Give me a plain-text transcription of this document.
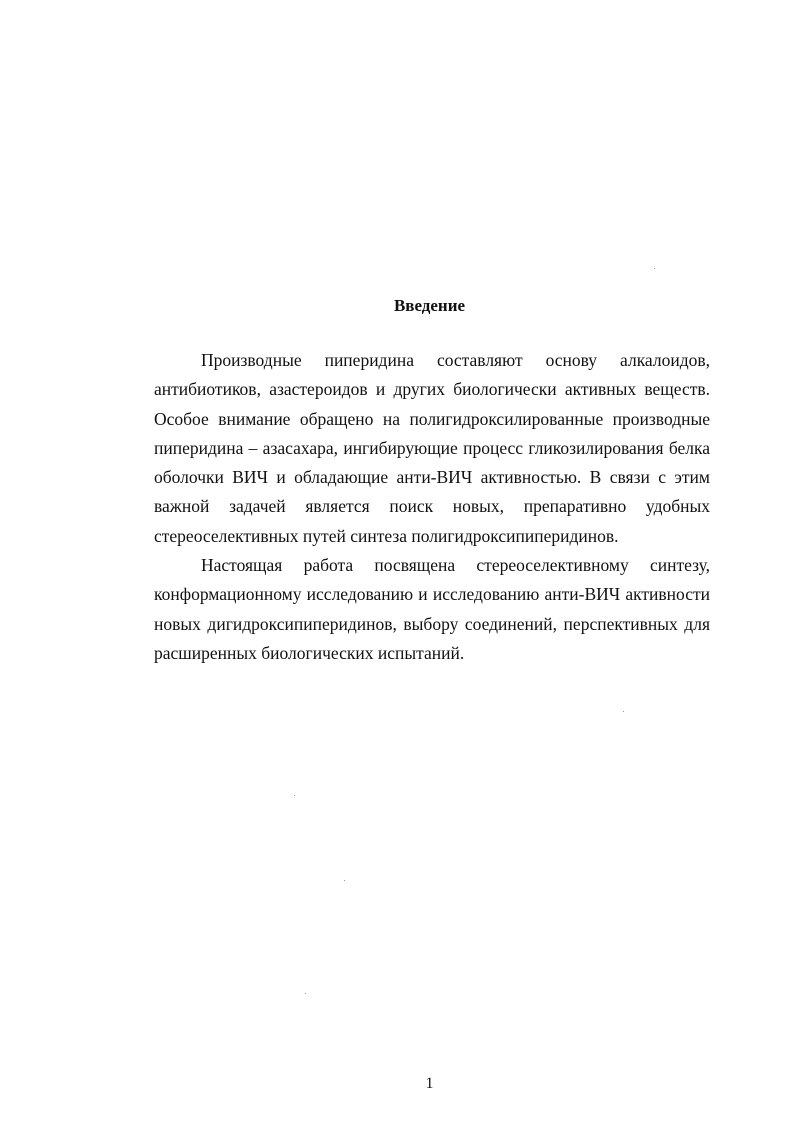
Введение

Производные пиперидина составляют основу алкалоидов, антибиотиков, азастероидов и других биологически активных веществ. Особое внимание обращено на полигидроксилированные производные пиперидина – азасахара, ингибирующие процесс гликозилирования белка оболочки ВИЧ и обладающие анти-ВИЧ активностью. В связи с этим важной задачей является поиск новых, препаративно удобных стереоселективных путей синтеза полигидроксипиперидинов.

Настоящая работа посвящена стереоселективному синтезу, конформационному исследованию и исследованию анти-ВИЧ активности новых дигидроксипиперидинов, выбору соединений, перспективных для расширенных биологических испытаний.

1
